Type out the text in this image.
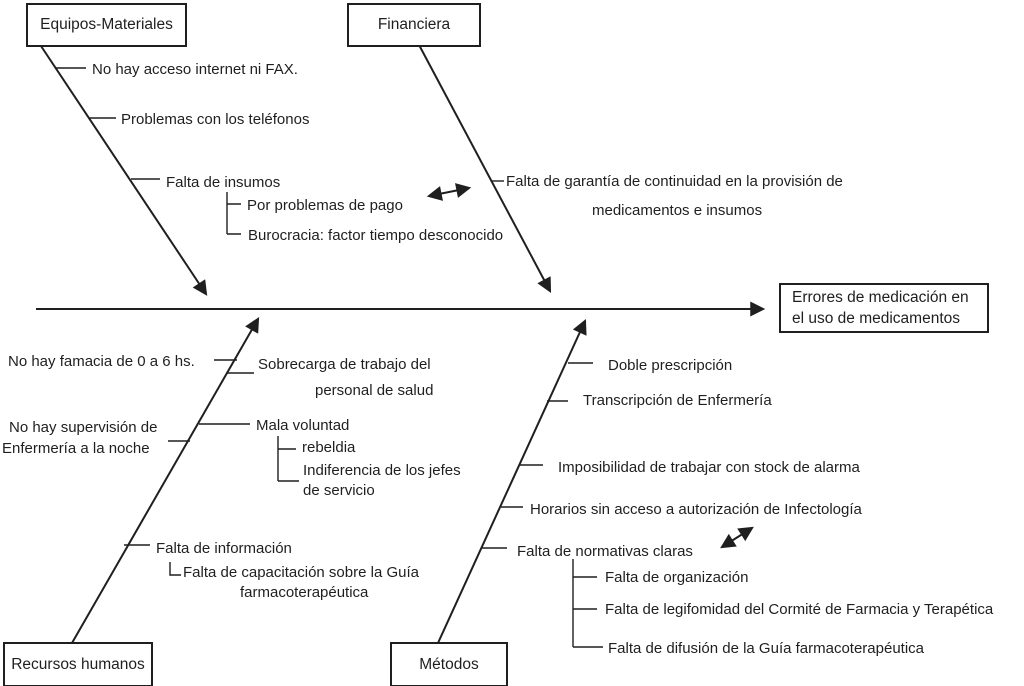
Equipos-Materiales	Financiera
Recursos humanos	Métodos
Errores de medicación en
el uso de medicamentos
No hay acceso internet ni FAX.
Problemas con los teléfonos
Falta de insumos
Por problemas de pago
Burocracia: factor tiempo desconocido
Falta de garantía de continuidad en la provisión de
medicamentos e insumos
No hay famacia de 0 a 6 hs.
No hay supervisión de
Enfermería a la noche
Sobrecarga de trabajo del
personal de salud
Mala voluntad
rebeldia
Indiferencia de los jefes
de servicio
Falta de información
Falta de capacitación sobre la Guía
farmacoterapéutica
Doble prescripción
Transcripción de Enfermería
Imposibilidad de trabajar con stock de alarma
Horarios sin acceso a autorización de Infectología
Falta de normativas claras
Falta de organización
Falta de legifomidad del Cormité de Farmacia y Terapética
Falta de difusión de la Guía farmacoterapéutica
